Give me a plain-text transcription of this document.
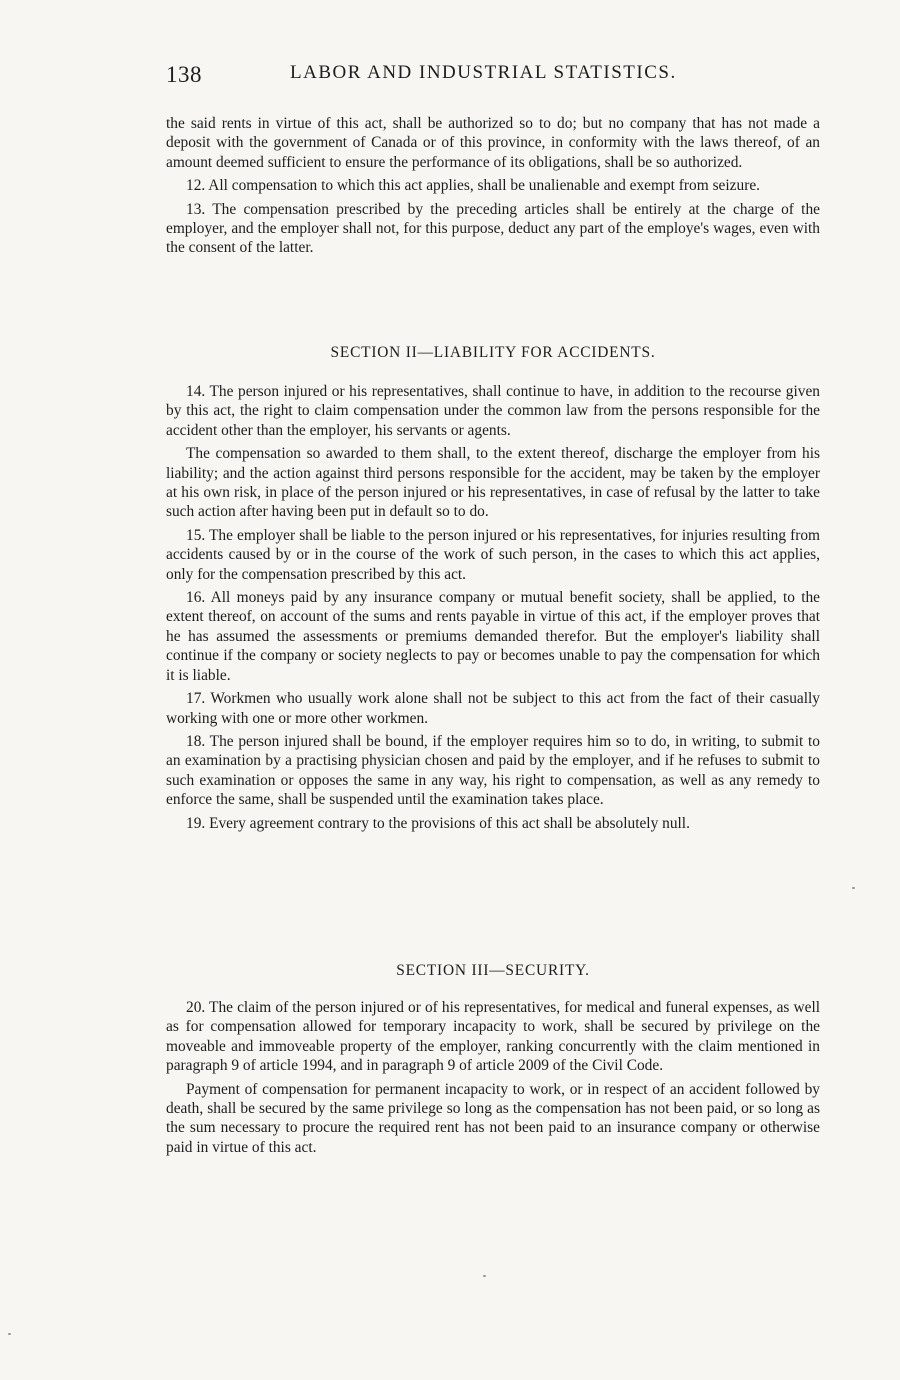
138	LABOR AND INDUSTRIAL STATISTICS.

the said rents in virtue of this act, shall be authorized so to do; but no company that has not made a deposit with the government of Canada or of this province, in conformity with the laws thereof, of an amount deemed sufficient to ensure the performance of its obligations, shall be so authorized.

12. All compensation to which this act applies, shall be unalienable and exempt from seizure.

13. The compensation prescribed by the preceding articles shall be entirely at the charge of the employer, and the employer shall not, for this purpose, deduct any part of the employe's wages, even with the consent of the latter.

SECTION II—LIABILITY FOR ACCIDENTS.

14. The person injured or his representatives, shall continue to have, in addition to the recourse given by this act, the right to claim compensation under the common law from the persons responsible for the accident other than the employer, his servants or agents.

The compensation so awarded to them shall, to the extent thereof, discharge the employer from his liability; and the action against third persons responsible for the accident, may be taken by the employer at his own risk, in place of the person injured or his representatives, in case of refusal by the latter to take such action after having been put in default so to do.

15. The employer shall be liable to the person injured or his representatives, for injuries resulting from accidents caused by or in the course of the work of such person, in the cases to which this act applies, only for the compensation prescribed by this act.

16. All moneys paid by any insurance company or mutual benefit society, shall be applied, to the extent thereof, on account of the sums and rents payable in virtue of this act, if the employer proves that he has assumed the assessments or premiums demanded therefor. But the employer's liability shall continue if the company or society neglects to pay or becomes unable to pay the compensation for which it is liable.

17. Workmen who usually work alone shall not be subject to this act from the fact of their casually working with one or more other workmen.

18. The person injured shall be bound, if the employer requires him so to do, in writing, to submit to an examination by a practising physician chosen and paid by the employer, and if he refuses to submit to such examination or opposes the same in any way, his right to compensation, as well as any remedy to enforce the same, shall be suspended until the examination takes place.

19. Every agreement contrary to the provisions of this act shall be absolutely null.

SECTION III—SECURITY.

20. The claim of the person injured or of his representatives, for medical and funeral expenses, as well as for compensation allowed for temporary incapacity to work, shall be secured by privilege on the moveable and immoveable property of the employer, ranking concurrently with the claim mentioned in paragraph 9 of article 1994, and in paragraph 9 of article 2009 of the Civil Code.

Payment of compensation for permanent incapacity to work, or in respect of an accident followed by death, shall be secured by the same privilege so long as the compensation has not been paid, or so long as the sum necessary to procure the required rent has not been paid to an insurance company or otherwise paid in virtue of this act.
